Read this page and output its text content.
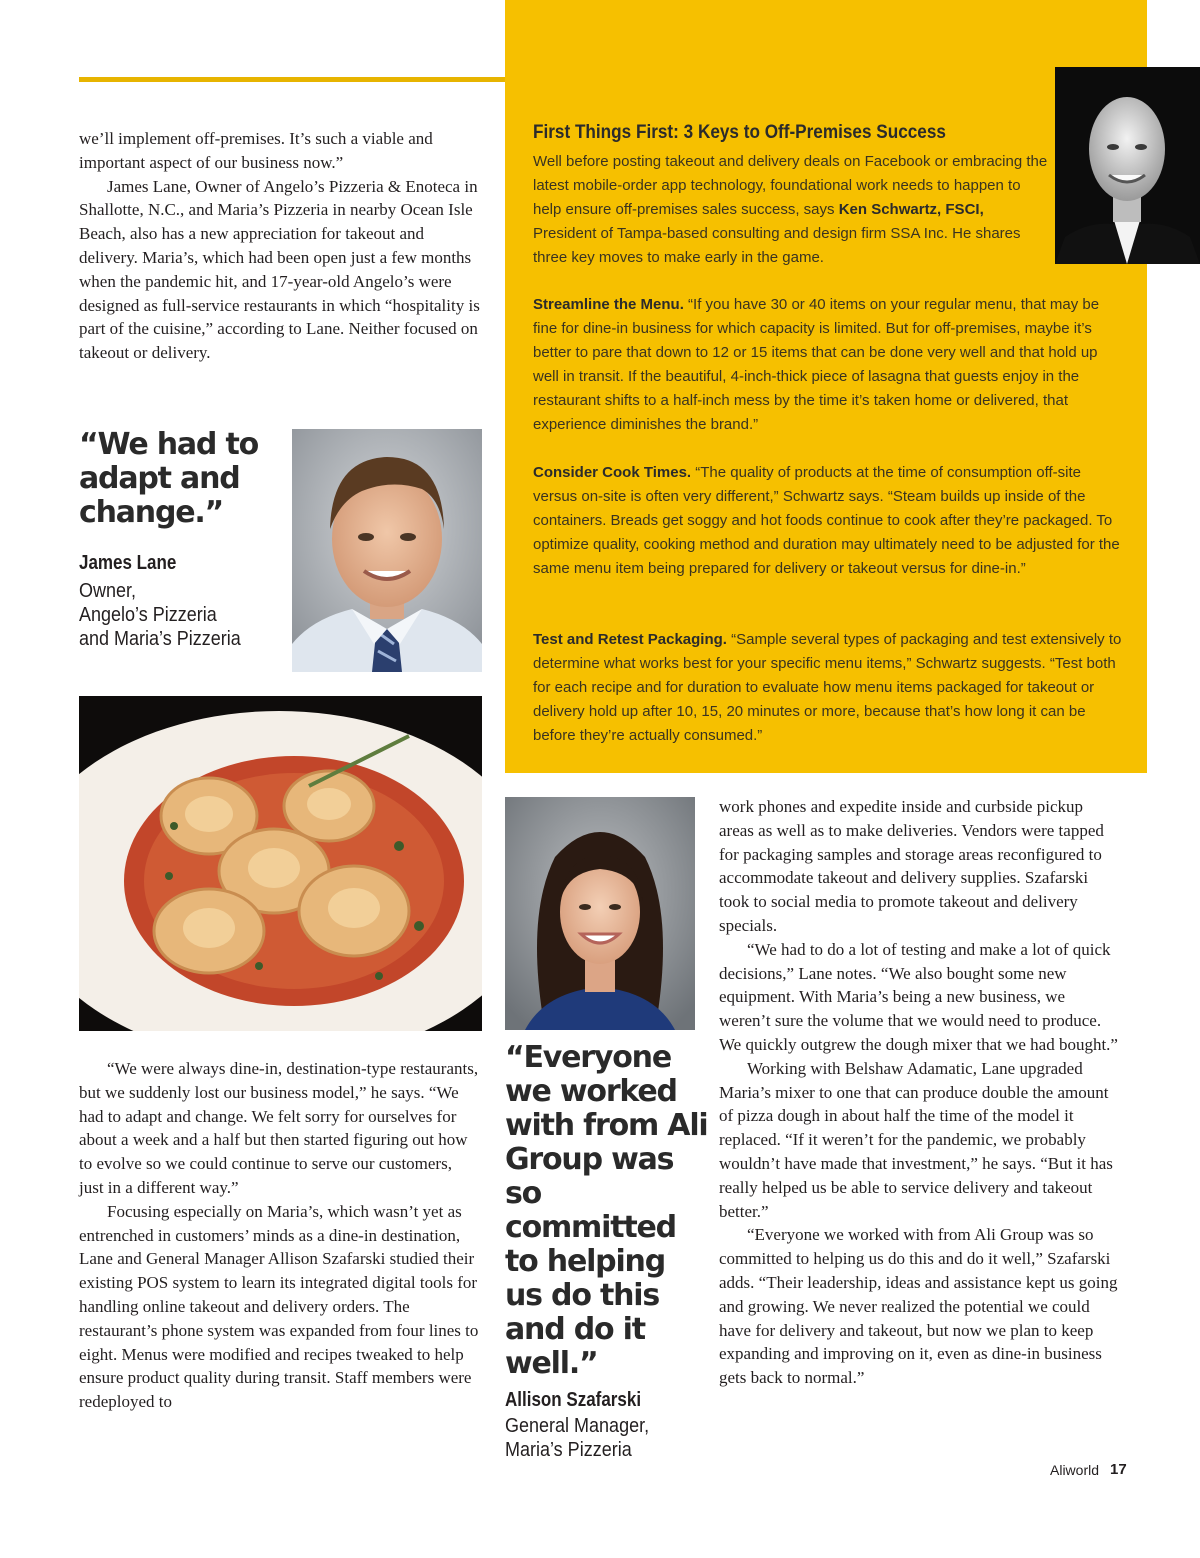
we’ll implement off-premises. It’s such a viable and important aspect of our business now.”

James Lane, Owner of Angelo’s Pizzeria & Enoteca in Shallotte, N.C., and Maria’s Pizzeria in nearby Ocean Isle Beach, also has a new appreciation for takeout and delivery. Maria’s, which had been open just a few months when the pandemic hit, and 17-year-old Angelo’s were designed as full-service restaurants in which “hospitality is part of the cuisine,” according to Lane. Neither focused on takeout or delivery.

“We had to adapt and change.”

James Lane

Owner,

Angelo’s Pizzeria

and Maria’s Pizzeria

“We were always dine-in, destination-type restaurants, but we suddenly lost our business model,” he says. “We had to adapt and change. We felt sorry for ourselves for about a week and a half but then started figuring out how to evolve so we could continue to serve our customers, just in a different way.”

Focusing especially on Maria’s, which wasn’t yet as entrenched in customers’ minds as a dine-in destination, Lane and General Manager Allison Szafarski studied their existing POS system to learn its integrated digital tools for handling online takeout and delivery orders. The restaurant’s phone system was expanded from four lines to eight. Menus were modified and recipes tweaked to help ensure product quality during transit. Staff members were redeployed to

First Things First: 3 Keys to Off-Premises Success

Well before posting takeout and delivery deals on Facebook or embracing the latest mobile-order app technology, foundational work needs to happen to help ensure off-premises sales success, says Ken Schwartz, FSCI, President of Tampa-based consulting and design firm SSA Inc. He shares three key moves to make early in the game.

Streamline the Menu. “If you have 30 or 40 items on your regular menu, that may be fine for dine-in business for which capacity is limited. But for off-premises, maybe it’s better to pare that down to 12 or 15 items that can be done very well and that hold up well in transit. If the beautiful, 4-inch-thick piece of lasagna that guests enjoy in the restaurant shifts to a half-inch mess by the time it’s taken home or delivered, that experience diminishes the brand.”

Consider Cook Times. “The quality of products at the time of consumption off-site versus on-site is often very different,” Schwartz says. “Steam builds up inside of the containers. Breads get soggy and hot foods continue to cook after they’re packaged. To optimize quality, cooking method and duration may ultimately need to be adjusted for the same menu item being prepared for delivery or takeout versus for dine-in.”

Test and Retest Packaging. “Sample several types of packaging and test extensively to determine what works best for your specific menu items,” Schwartz suggests. “Test both for each recipe and for duration to evaluate how menu items packaged for takeout or delivery hold up after 10, 15, 20 minutes or more, because that’s how long it can be before they’re actually consumed.”

“Everyone we worked with from Ali Group was so committed to helping us do this and do it well.”

Allison Szafarski

General Manager,

Maria’s Pizzeria

work phones and expedite inside and curbside pickup areas as well as to make deliveries. Vendors were tapped for packaging samples and storage areas reconfigured to accommodate takeout and delivery supplies. Szafarski took to social media to promote takeout and delivery specials.

“We had to do a lot of testing and make a lot of quick decisions,” Lane notes. “We also bought some new equipment. With Maria’s being a new business, we weren’t sure the volume that we would need to produce. We quickly outgrew the dough mixer that we had bought.”

Working with Belshaw Adamatic, Lane upgraded Maria’s mixer to one that can produce double the amount of pizza dough in about half the time of the model it replaced. “If it weren’t for the pandemic, we probably wouldn’t have made that investment,” he says. “But it has really helped us be able to service delivery and takeout better.”

“Everyone we worked with from Ali Group was so committed to helping us do this and do it well,” Szafarski adds. “Their leadership, ideas and assistance kept us going and growing. We never realized the potential we could have for delivery and takeout, but now we plan to keep expanding and improving on it, even as dine-in business gets back to normal.”

Aliworld 17
